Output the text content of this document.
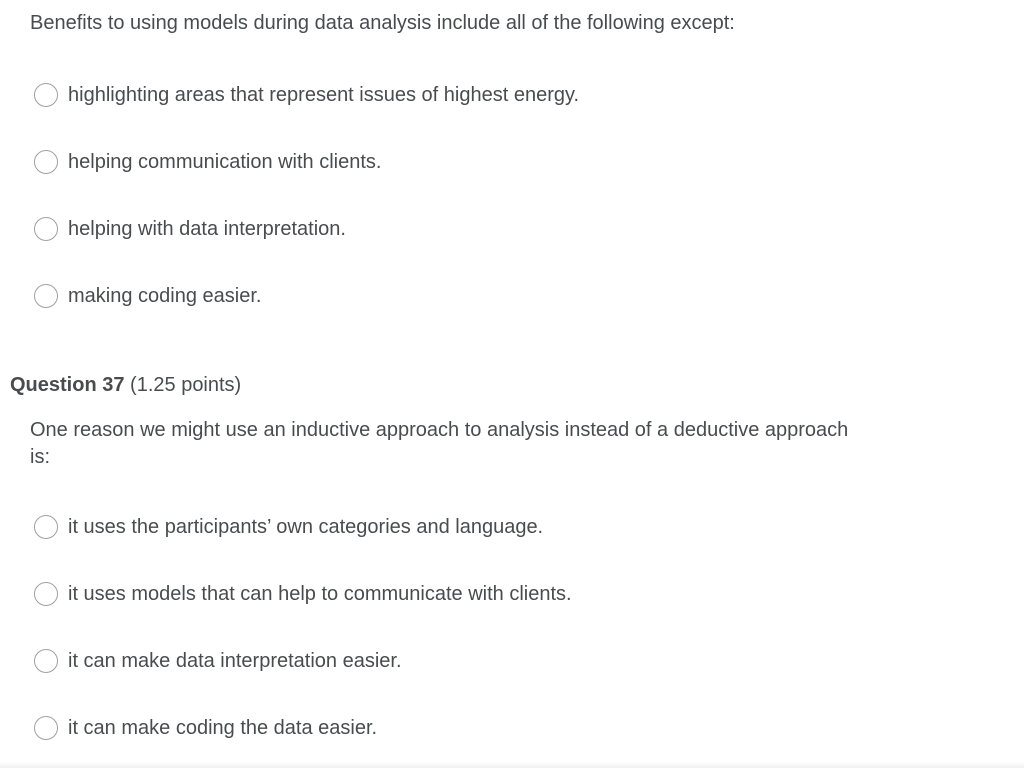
Benefits to using models during data analysis include all of the following except:

highlighting areas that represent issues of highest energy.
helping communication with clients.
helping with data interpretation.
making coding easier.
Question 37 (1.25 points)

One reason we might use an inductive approach to analysis instead of a deductive approach is:

it uses the participants’ own categories and language.
it uses models that can help to communicate with clients.
it can make data interpretation easier.
it can make coding the data easier.
